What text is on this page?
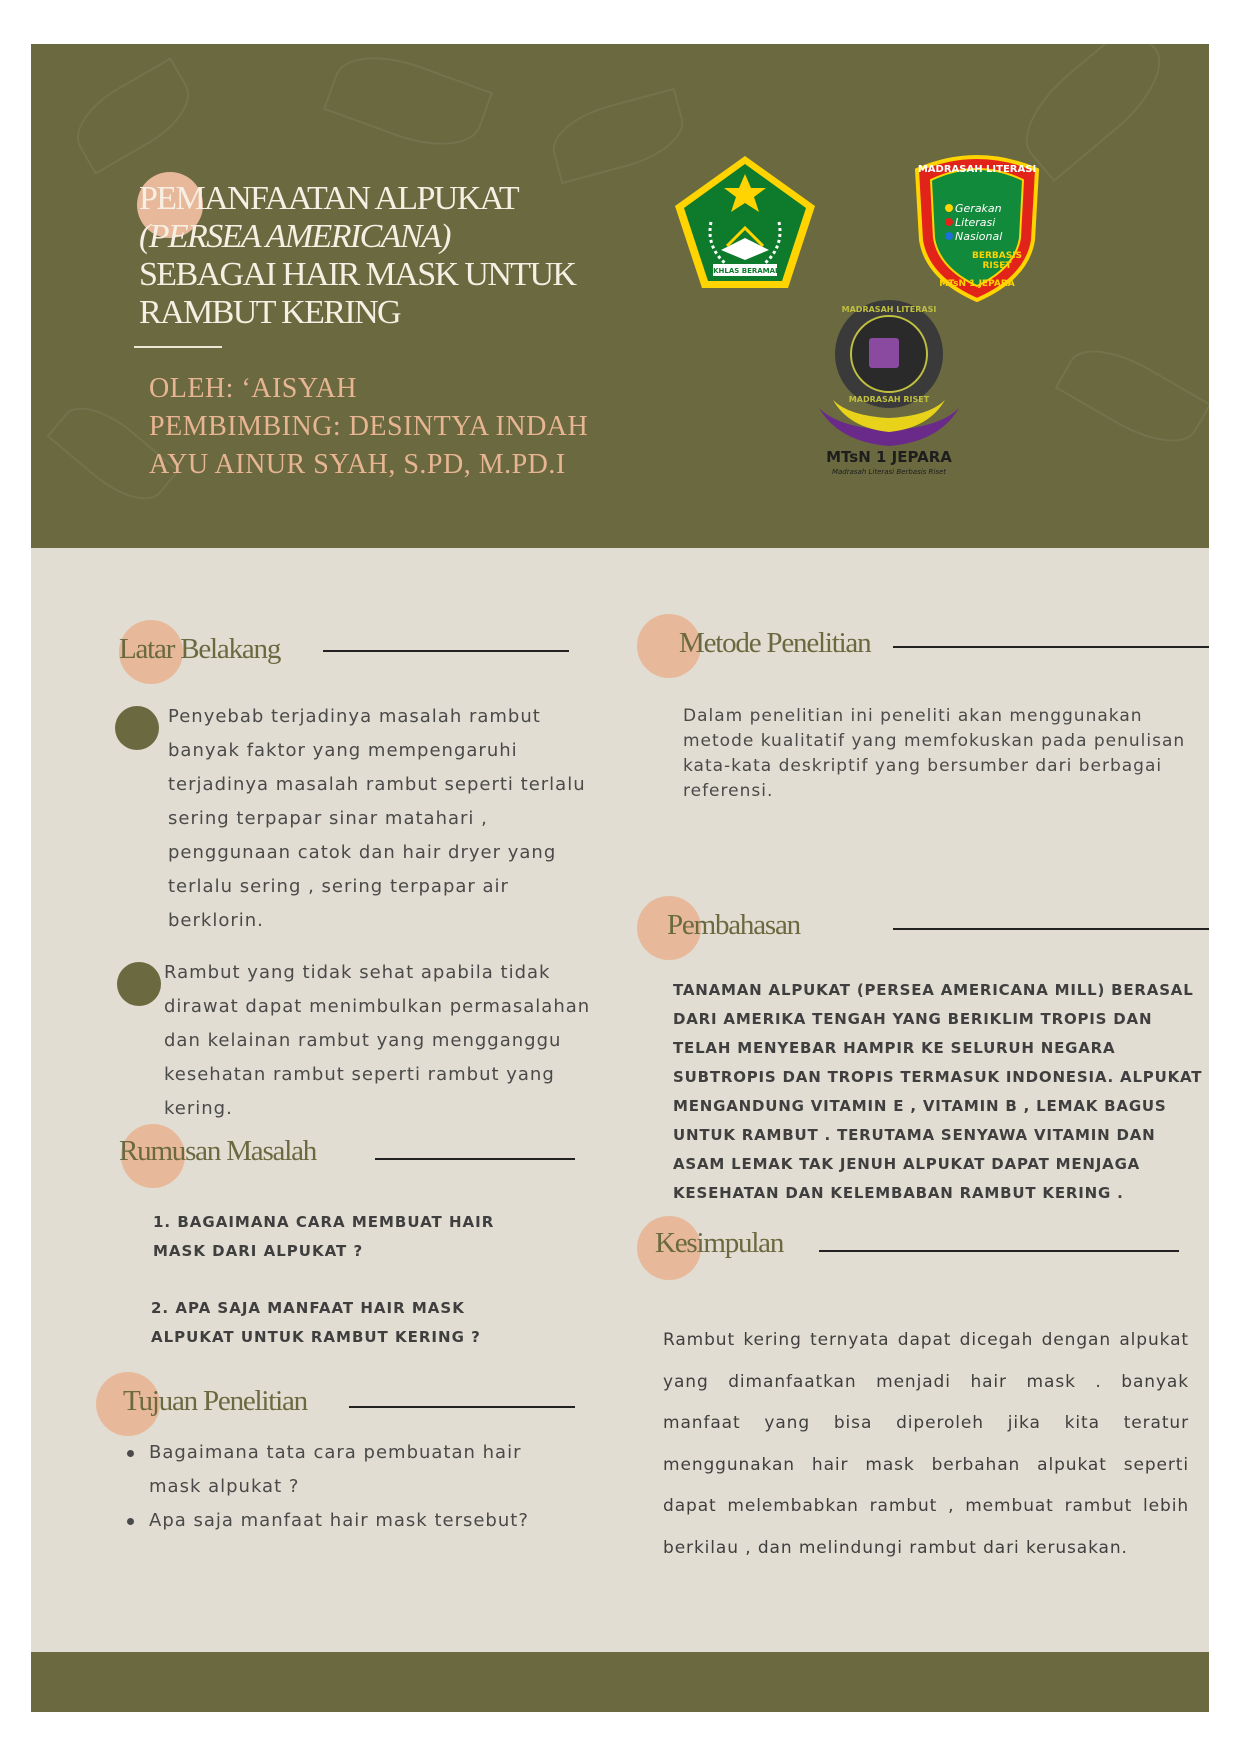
PEMANFAATAN ALPUKAT
(PERSEA AMERICANA)
SEBAGAI HAIR MASK UNTUK
RAMBUT KERING
OLEH: ‘AISYAH
PEMBIMBING: DESINTYA INDAH
AYU AINUR SYAH, S.PD, M.PD.I
IKHLAS BERAMAL
MADRASAH LITERASI
Gerakan
Literasi
Nasional
BERBASIS
RISET
MTsN 1 JEPARA
MADRASAH LITERASI
MADRASAH RISET
MTsN 1 JEPARA
Madrasah Literasi Berbasis Riset
Latar Belakang
Penyebab terjadinya masalah rambut banyak faktor yang mempengaruhi terjadinya masalah rambut seperti terlalu sering terpapar sinar matahari , penggunaan catok dan hair dryer yang terlalu sering , sering terpapar air berklorin.
Rambut yang tidak sehat apabila tidak dirawat dapat menimbulkan permasalahan dan kelainan rambut yang mengganggu kesehatan rambut seperti rambut yang kering.
Rumusan Masalah
1. BAGAIMANA CARA MEMBUAT HAIR MASK DARI ALPUKAT ?
2. APA SAJA MANFAAT HAIR MASK ALPUKAT UNTUK RAMBUT KERING ?
Tujuan Penelitian
Bagaimana tata cara pembuatan hair mask alpukat ?
Apa saja manfaat hair mask tersebut?
Metode Penelitian
Dalam penelitian ini peneliti akan menggunakan metode kualitatif yang memfokuskan pada penulisan kata-kata deskriptif yang bersumber dari berbagai referensi.
Pembahasan
TANAMAN ALPUKAT (PERSEA AMERICANA MILL) BERASAL DARI AMERIKA TENGAH YANG BERIKLIM TROPIS DAN TELAH MENYEBAR HAMPIR KE SELURUH NEGARA SUBTROPIS DAN TROPIS TERMASUK INDONESIA. ALPUKAT MENGANDUNG VITAMIN E , VITAMIN B , LEMAK BAGUS UNTUK RAMBUT . TERUTAMA SENYAWA VITAMIN DAN ASAM LEMAK TAK JENUH ALPUKAT DAPAT MENJAGA KESEHATAN DAN KELEMBABAN RAMBUT KERING .
Kesimpulan
Rambut kering ternyata dapat dicegah dengan alpukat yang dimanfaatkan menjadi hair mask . banyak manfaat yang bisa diperoleh jika kita teratur menggunakan hair mask berbahan alpukat seperti dapat melembabkan rambut , membuat rambut lebih berkilau , dan melindungi rambut dari kerusakan.
